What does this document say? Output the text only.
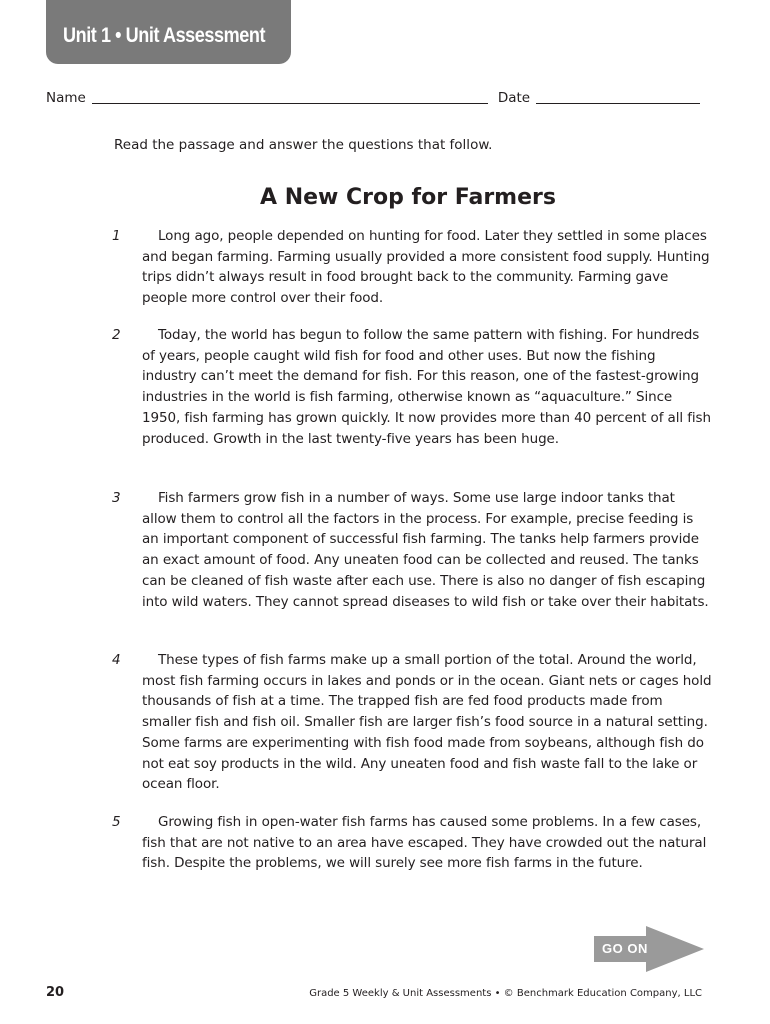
Unit 1 • Unit Assessment
Name	Date
Read the passage and answer the questions that follow.
A New Crop for Farmers
1	Long ago, people depended on hunting for food. Later they settled in some places and began farming. Farming usually provided a more consistent food supply. Hunting trips didn’t always result in food brought back to the community. Farming gave people more control over their food.

2	Today, the world has begun to follow the same pattern with fishing. For hundreds of years, people caught wild fish for food and other uses. But now the fishing industry can’t meet the demand for fish. For this reason, one of the fastest-growing industries in the world is fish farming, otherwise known as “aquaculture.” Since 1950, fish farming has grown quickly. It now provides more than 40 percent of all fish produced. Growth in the last twenty-five years has been huge.

3	Fish farmers grow fish in a number of ways. Some use large indoor tanks that allow them to control all the factors in the process. For example, precise feeding is an important component of successful fish farming. The tanks help farmers provide an exact amount of food. Any uneaten food can be collected and reused. The tanks can be cleaned of fish waste after each use. There is also no danger of fish escaping into wild waters. They cannot spread diseases to wild fish or take over their habitats.

4	These types of fish farms make up a small portion of the total. Around the world, most fish farming occurs in lakes and ponds or in the ocean. Giant nets or cages hold thousands of fish at a time. The trapped fish are fed food products made from smaller fish and fish oil. Smaller fish are larger fish’s food source in a natural setting. Some farms are experimenting with fish food made from soybeans, although fish do not eat soy products in the wild. Any uneaten food and fish waste fall to the lake or ocean floor.

5	Growing fish in open-water fish farms has caused some problems. In a few cases, fish that are not native to an area have escaped. They have crowded out the natural fish. Despite the problems, we will surely see more fish farms in the future.

GO ON
20	Grade 5 Weekly & Unit Assessments • © Benchmark Education Company, LLC
